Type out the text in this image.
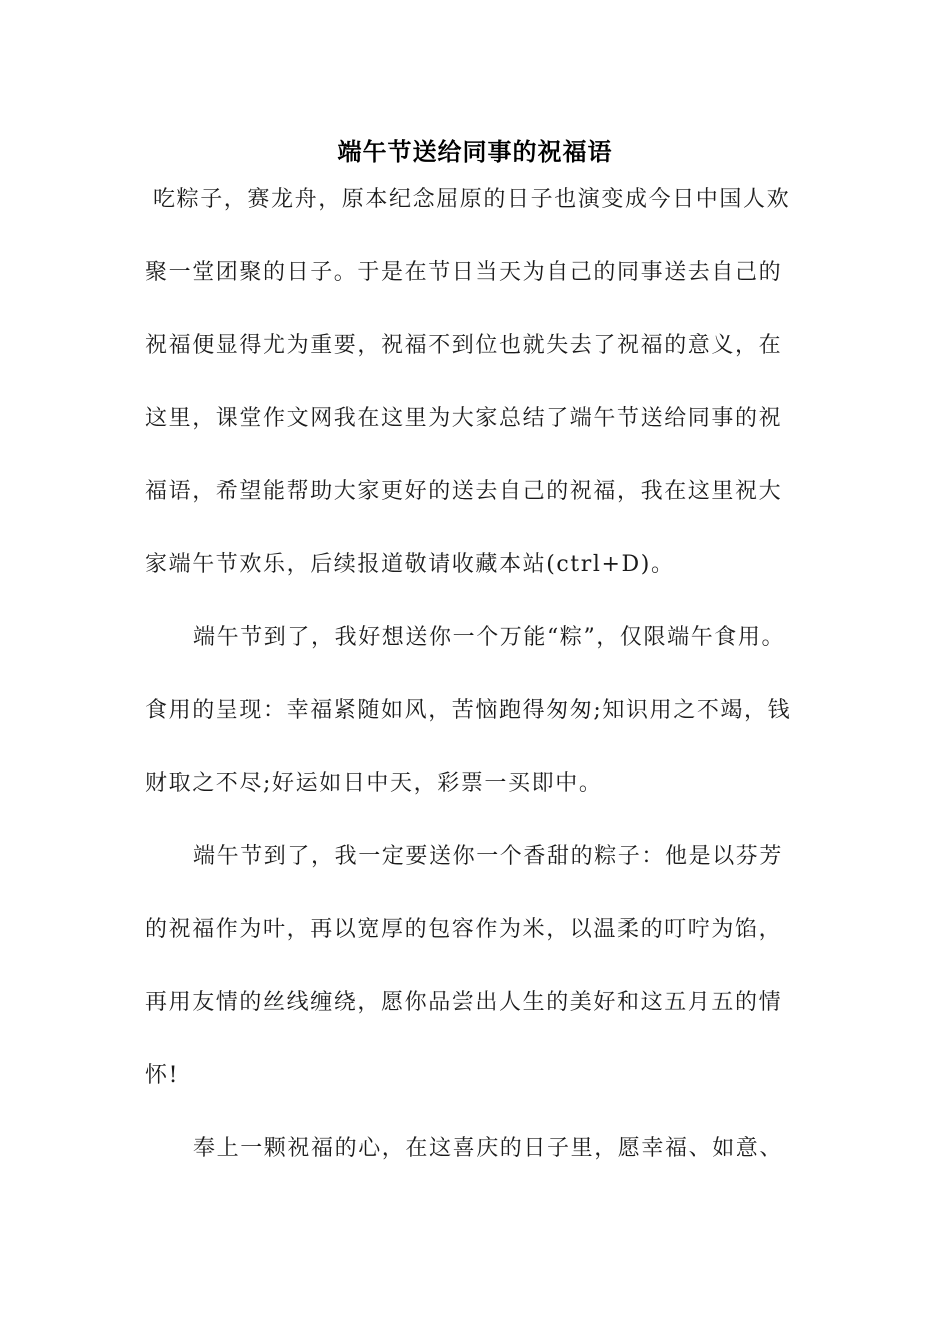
端午节送给同事的祝福语
吃粽子，赛龙舟，原本纪念屈原的日子也演变成今日中国人欢
聚一堂团聚的日子。于是在节日当天为自己的同事送去自己的
祝福便显得尤为重要，祝福不到位也就失去了祝福的意义，在
这里，课堂作文网我在这里为大家总结了端午节送给同事的祝
福语，希望能帮助大家更好的送去自己的祝福，我在这里祝大
家端午节欢乐，后续报道敬请收藏本站(ctrl+D)。
端午节到了，我好想送你一个万能“粽”，仅限端午食用。
食用的呈现：幸福紧随如风，苦恼跑得匆匆;知识用之不竭，钱
财取之不尽;好运如日中天，彩票一买即中。
端午节到了，我一定要送你一个香甜的粽子：他是以芬芳
的祝福作为叶，再以宽厚的包容作为米，以温柔的叮咛为馅，
再用友情的丝线缠绕，愿你品尝出人生的美好和这五月五的情
怀!
奉上一颗祝福的心，在这喜庆的日子里，愿幸福、如意、
